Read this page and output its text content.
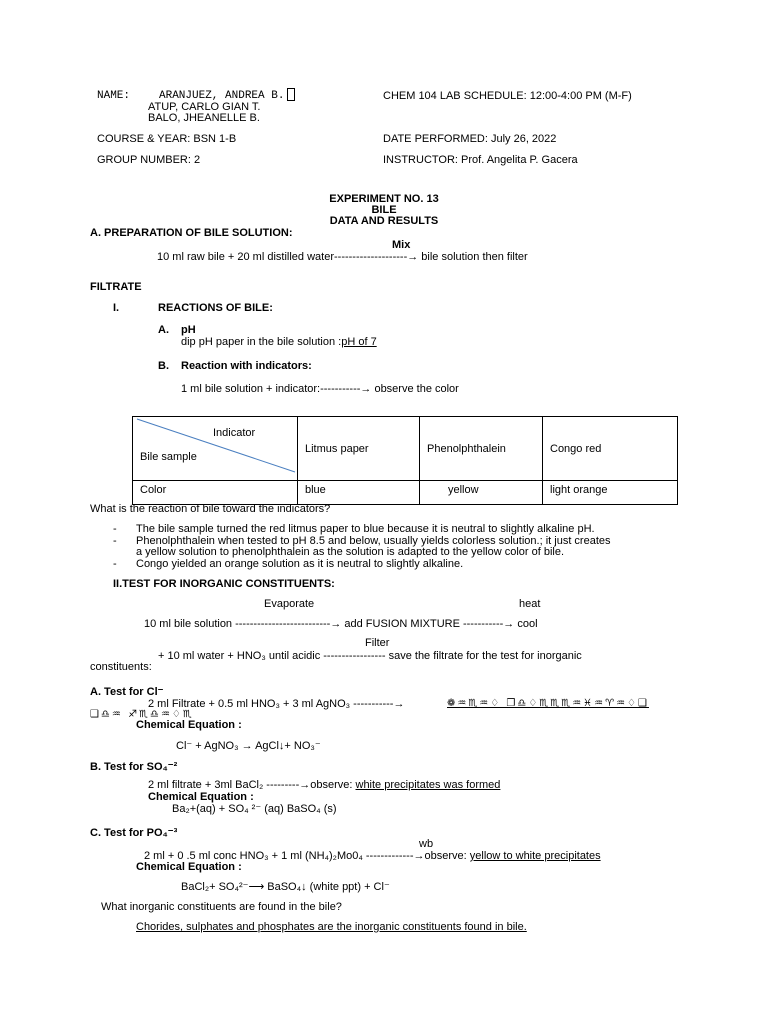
NAME:	ARANJUEZ, ANDREA B.
ATUP, CARLO GIAN T.
BALO, JHEANELLE B.
CHEM 104 LAB SCHEDULE: 12:00-4:00 PM (M-F)
COURSE & YEAR: BSN 1-B	DATE PERFORMED: July 26, 2022
GROUP NUMBER: 2	INSTRUCTOR: Prof. Angelita P. Gacera
EXPERIMENT NO. 13
BILE
DATA AND RESULTS
A. PREPARATION OF BILE SOLUTION:
Mix
10 ml raw bile + 20 ml distilled water--------------------→ bile solution then filter
FILTRATE
I.	REACTIONS OF BILE:
A. pH
dip pH paper in the bile solution :pH of 7
B. Reaction with indicators:
1 ml bile solution + indicator:-----------→ observe the color
Indicator
Bile sample	Litmus paper	Phenolphthalein	Congo red
Color	blue	yellow	light orange
What is the reaction of bile toward the indicators?
- The bile sample turned the red litmus paper to blue because it is neutral to slightly alkaline pH.
- Phenolphthalein when tested to pH 8.5 and below, usually yields colorless solution.; it just creates
a yellow solution to phenolphthalein as the solution is adapted to the yellow color of bile.
- Congo yielded an orange solution as it is neutral to slightly alkaline.
II.TEST FOR INORGANIC CONSTITUENTS:
Evaporate	heat
10 ml bile solution --------------------------→ add FUSION MIXTURE -----------→ cool
Filter
+ 10 ml water + HNO₃ until acidic ----------------- save the filtrate for the test for inorganic
constituents:
A. Test for Cl⁻
2 ml Filtrate + 0.5 ml HNO₃ + 3 ml AgNO₃ -----------→	❁♒♏♒♢ ❐♎♢♏♏♏♒♓♒♈♒♢❑
❑♎♒ ♐♏♎♒♢♏
Chemical Equation :
Cl⁻ + AgNO₃ → AgCl↓+ NO₃⁻
B. Test for SO₄⁻²
2 ml filtrate + 3ml BaCl₂ ---------→observe: white precipitates was formed
Chemical Equation :
Ba₂+(aq) + SO₄ ²⁻ (aq) BaSO₄ (s)
C. Test for PO₄⁻³
wb
2 ml + 0 .5 ml conc HNO₃ + 1 ml (NH₄)₂Mo0₄ -------------→observe: yellow to white precipitates
Chemical Equation :
BaCl₂+ SO₄²⁻⟶ BaSO₄↓ (white ppt) + Cl⁻
What inorganic constituents are found in the bile?
Chorides, sulphates and phosphates are the inorganic constituents found in bile.
